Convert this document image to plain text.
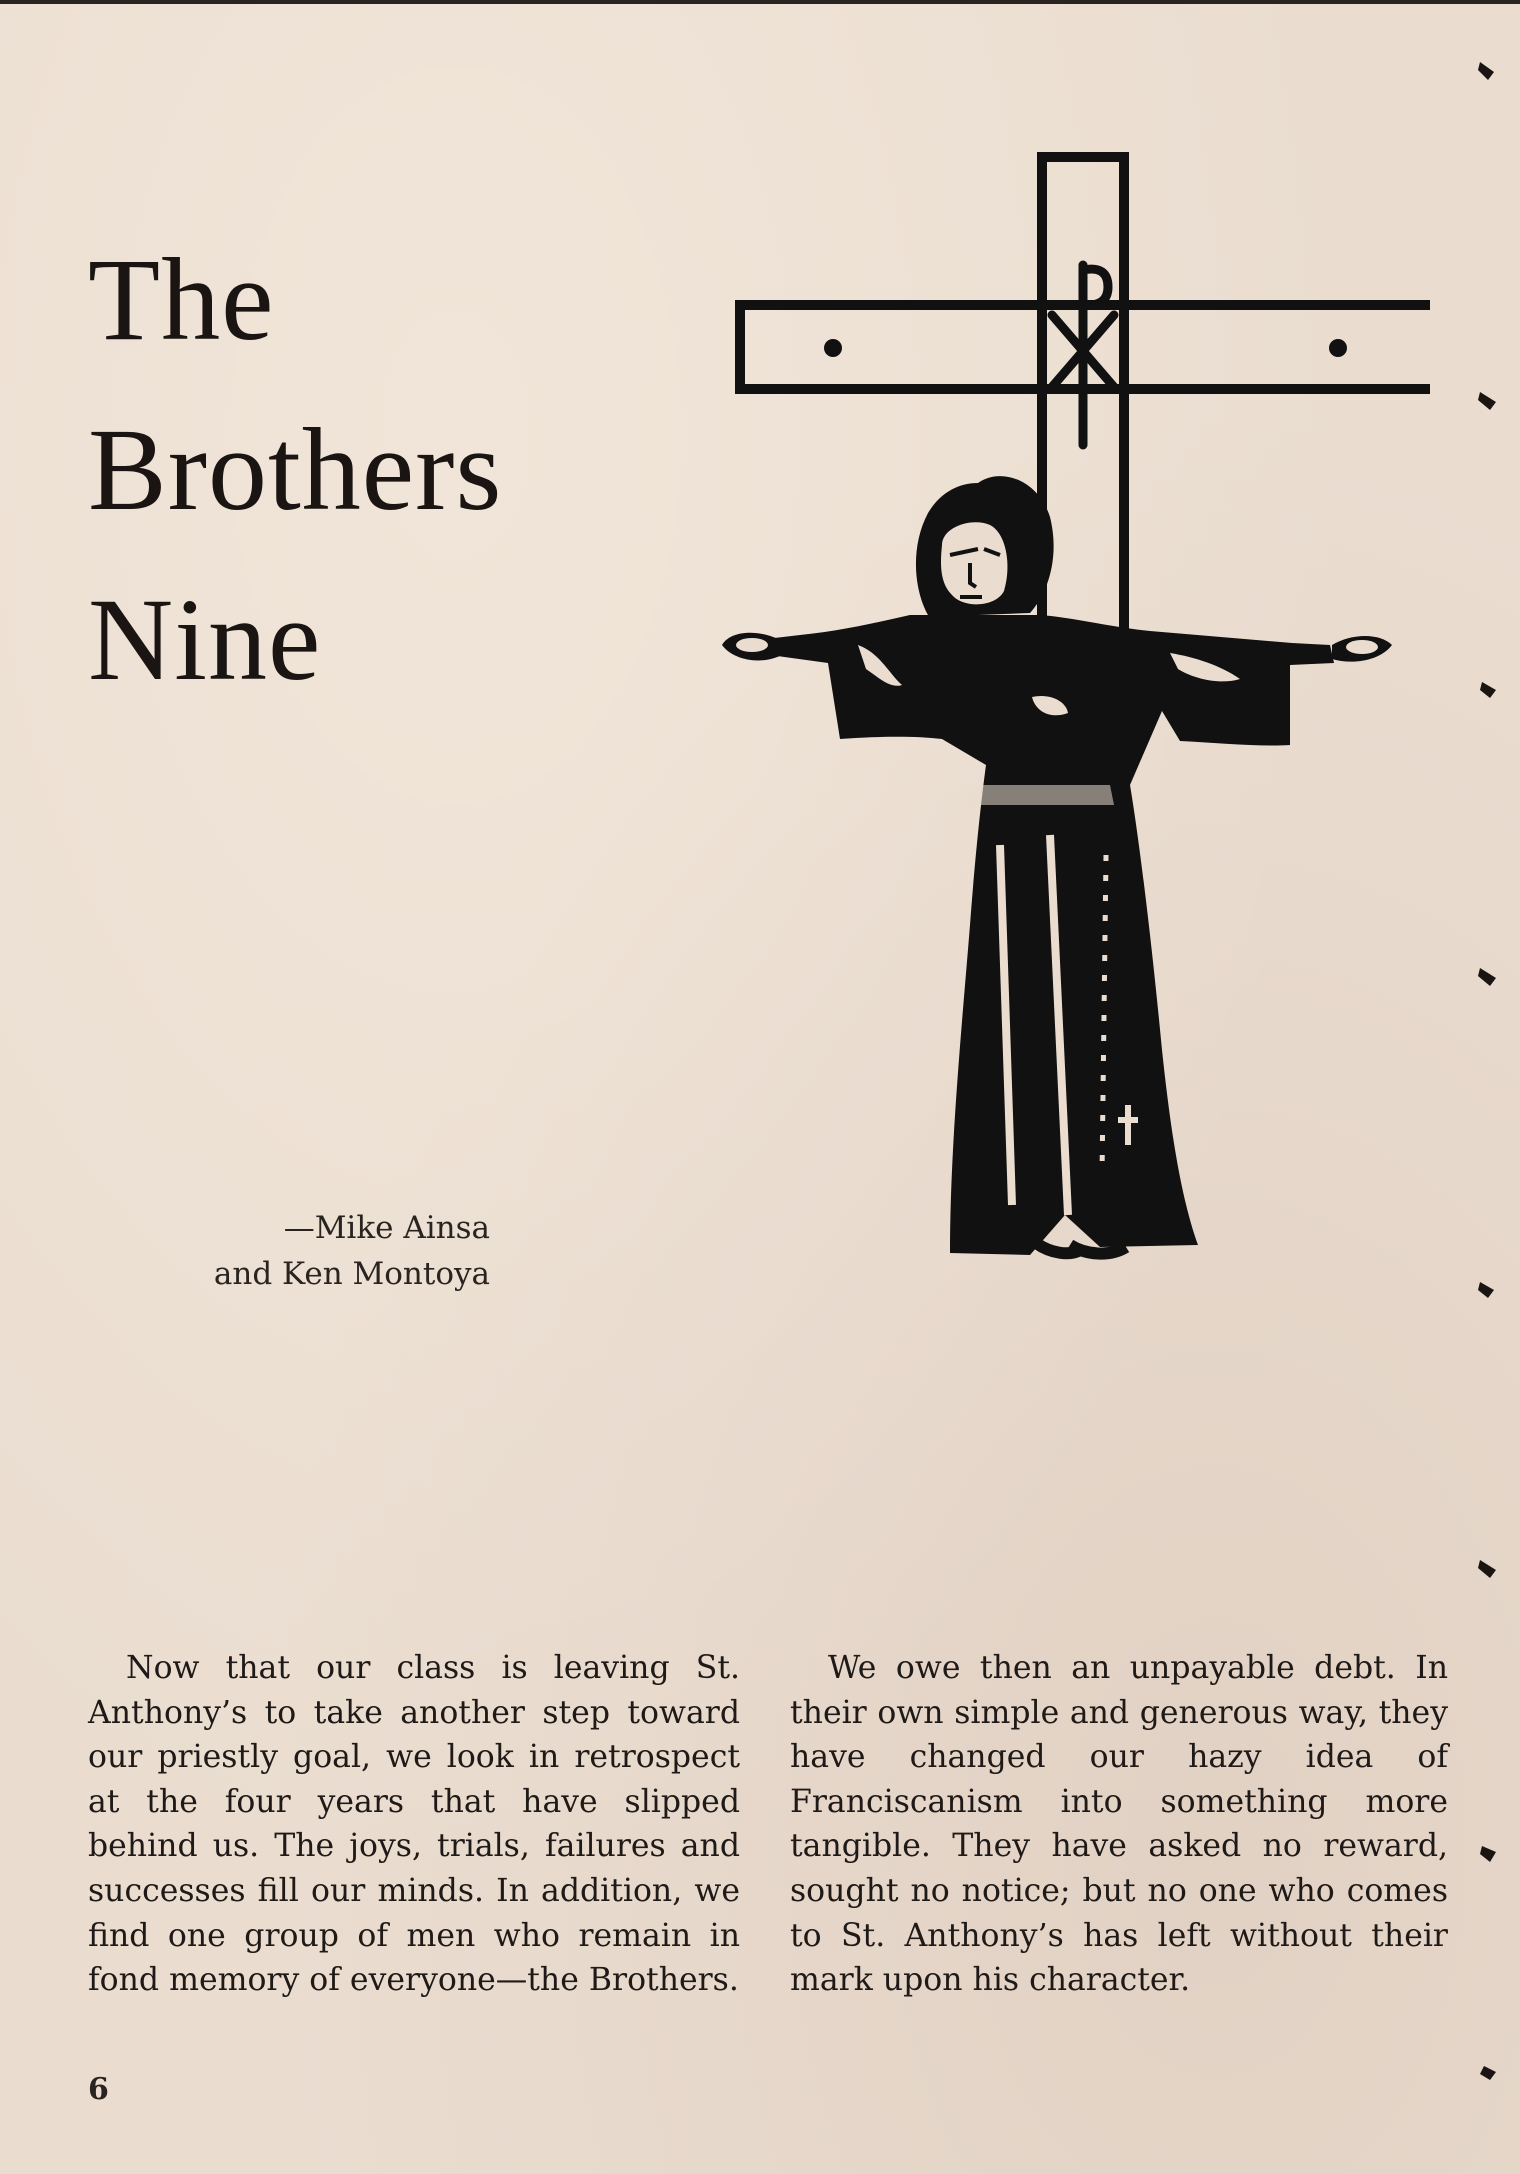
The
Brothers
Nine
—Mike Ainsa
and Ken Montoya

Now that our class is leaving St. Anthony’s to take another step toward our priestly goal, we look in retrospect at the four years that have slipped behind us. The joys, trials, failures and successes fill our minds. In addition, we find one group of men who remain in fond memory of everyone—the Brothers.

We owe then an unpayable debt. In their own simple and generous way, they have changed our hazy idea of Franciscanism into something more tangible. They have asked no reward, sought no notice; but no one who comes to St. Anthony’s has left without their mark upon his character.

6
